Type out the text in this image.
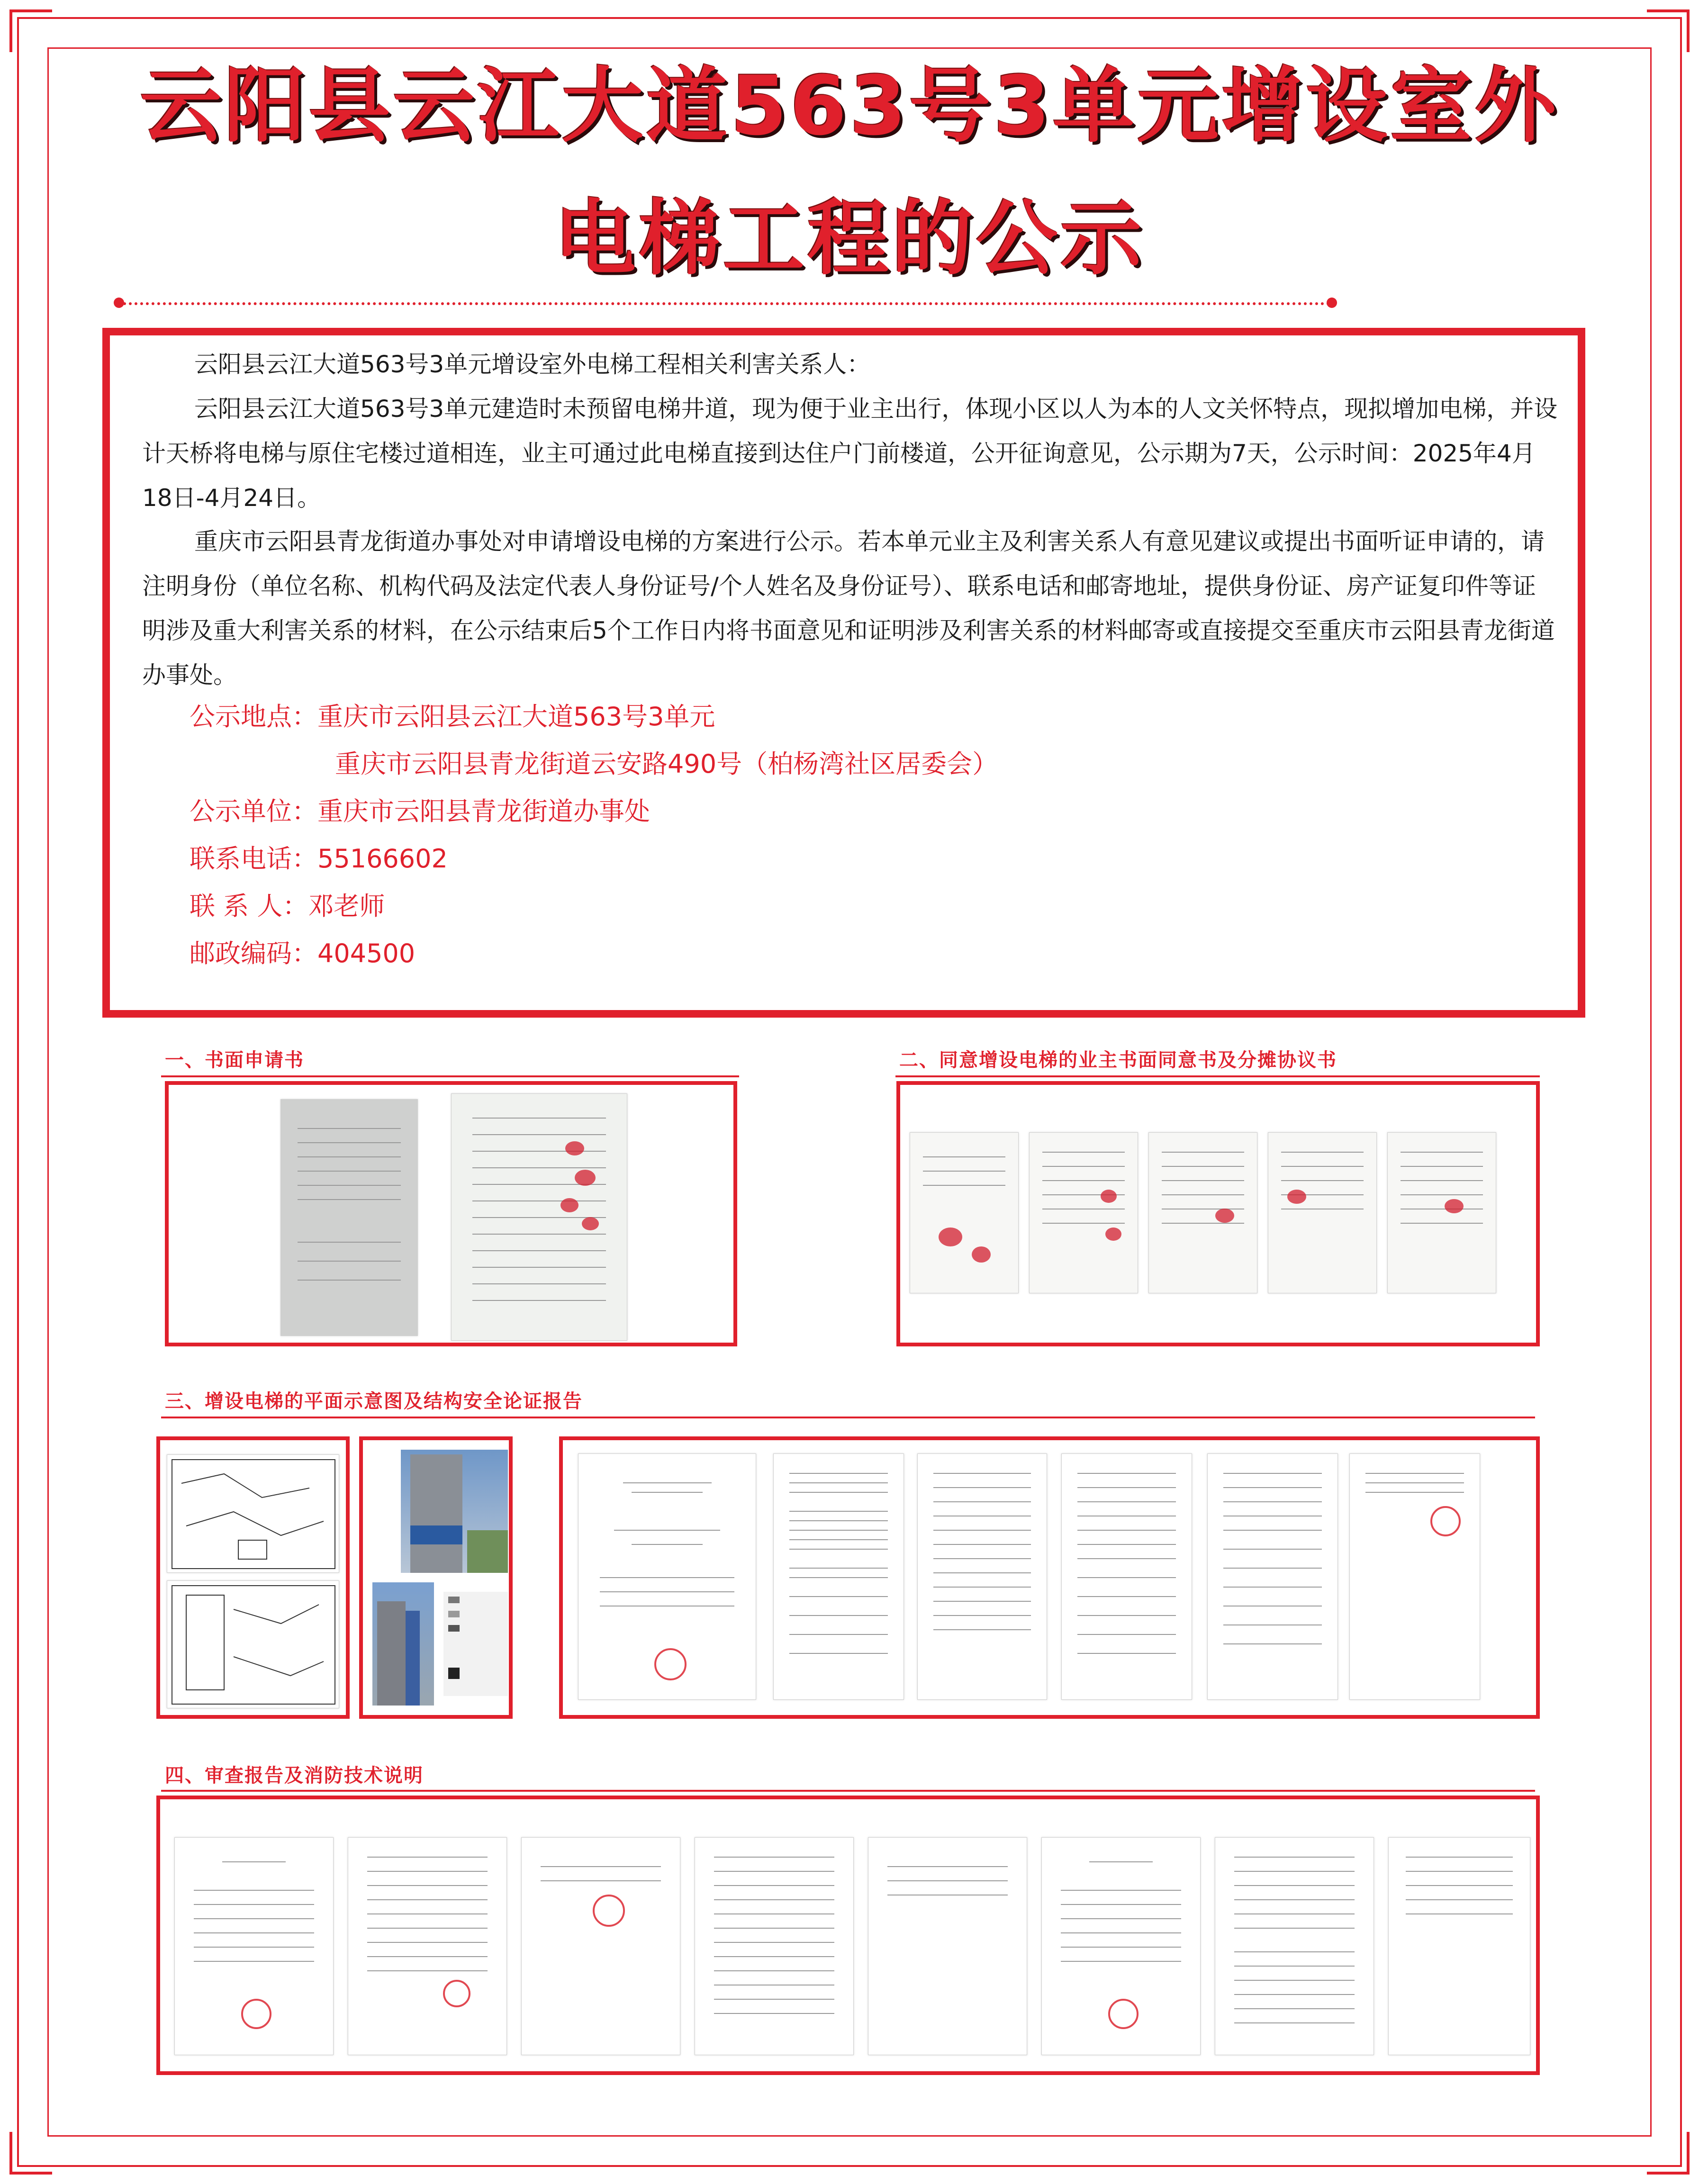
云阳县云江大道563号3单元增设室外
电梯工程的公示
云阳县云江大道563号3单元增设室外电梯工程相关利害关系人：
云阳县云江大道563号3单元建造时未预留电梯井道，现为便于业主出行，体现小区以人为本的人文关怀特点，现拟增加电梯，并设计天桥将电梯与原住宅楼过道相连，业主可通过此电梯直接到达住户门前楼道，公开征询意见，公示期为7天，公示时间：2025年4月18日-4月24日。
重庆市云阳县青龙街道办事处对申请增设电梯的方案进行公示。若本单元业主及利害关系人有意见建议或提出书面听证申请的，请注明身份（单位名称、机构代码及法定代表人身份证号/个人姓名及身份证号）、联系电话和邮寄地址，提供身份证、房产证复印件等证明涉及重大利害关系的材料，在公示结束后5个工作日内将书面意见和证明涉及利害关系的材料邮寄或直接提交至重庆市云阳县青龙街道办事处。
公示地点：重庆市云阳县云江大道563号3单元
重庆市云阳县青龙街道云安路490号（柏杨湾社区居委会）
公示单位：重庆市云阳县青龙街道办事处
联系电话：55166602
联 系 人：邓老师
邮政编码：404500
一、书面申请书	二、同意增设电梯的业主书面同意书及分摊协议书
三、增设电梯的平面示意图及结构安全论证报告
四、审查报告及消防技术说明
